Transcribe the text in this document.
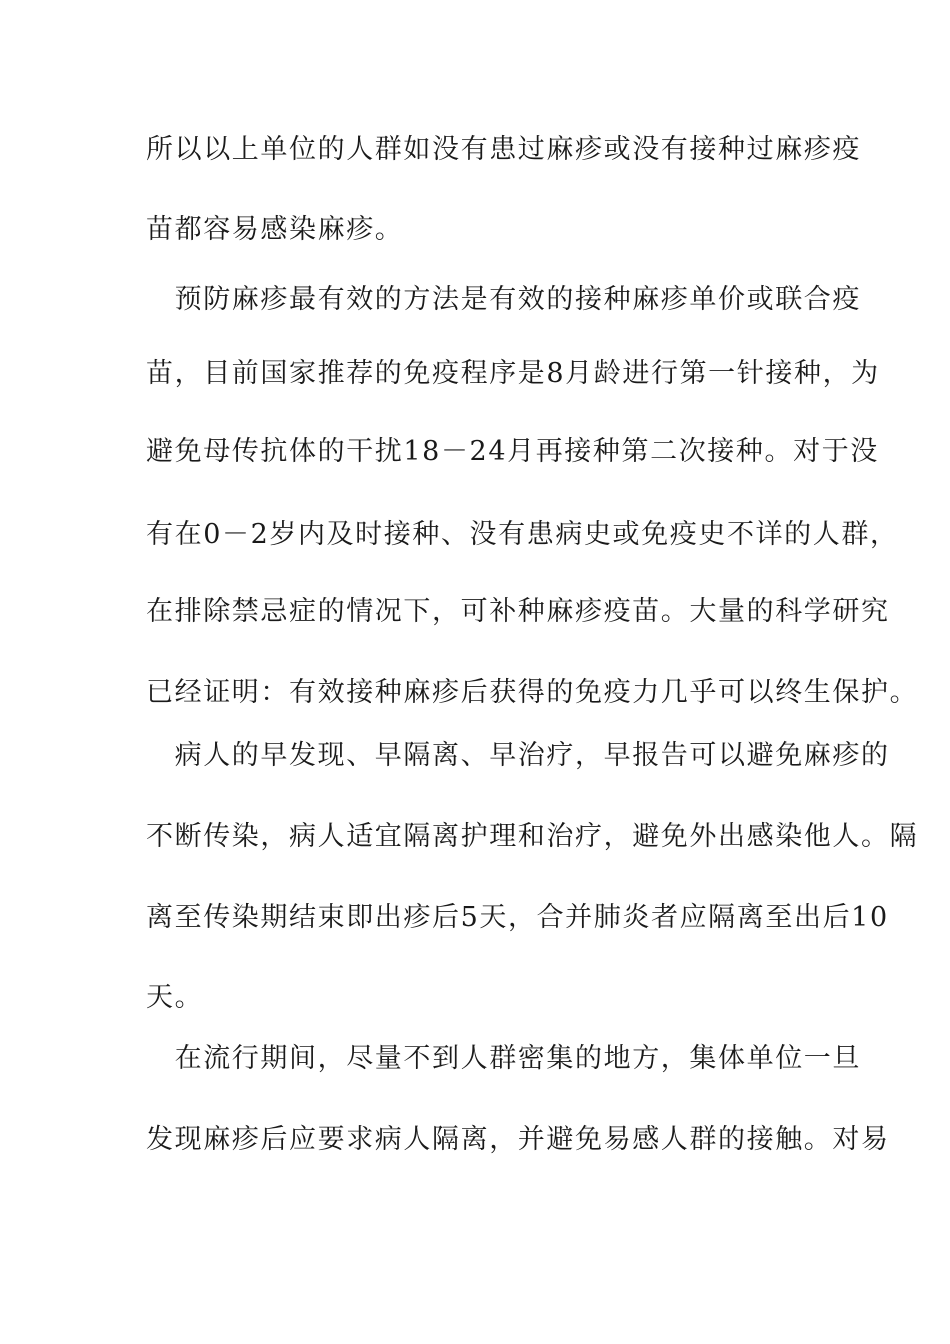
所以以上单位的人群如没有患过麻疹或没有接种过麻疹疫
苗都容易感染麻疹。
　预防麻疹最有效的方法是有效的接种麻疹单价或联合疫
苗，目前国家推荐的免疫程序是8月龄进行第一针接种，为
避免母传抗体的干扰18－24月再接种第二次接种。对于没
有在0－2岁内及时接种、没有患病史或免疫史不详的人群，
在排除禁忌症的情况下，可补种麻疹疫苗。大量的科学研究
已经证明：有效接种麻疹后获得的免疫力几乎可以终生保护。
　病人的早发现、早隔离、早治疗，早报告可以避免麻疹的
不断传染，病人适宜隔离护理和治疗，避免外出感染他人。隔
离至传染期结束即出疹后5天，合并肺炎者应隔离至出后10
天。
　在流行期间，尽量不到人群密集的地方，集体单位一旦
发现麻疹后应要求病人隔离，并避免易感人群的接触。对易
